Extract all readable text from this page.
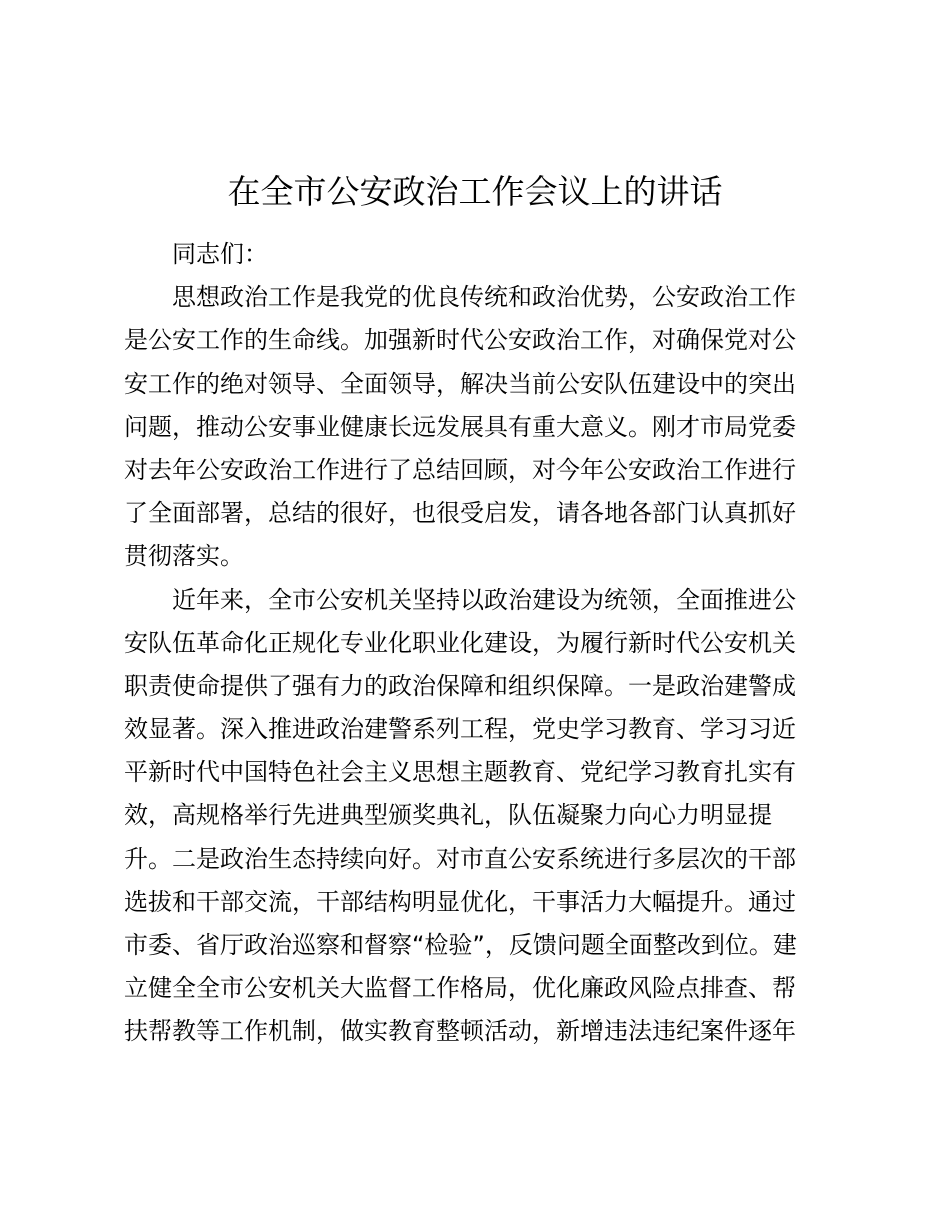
在全市公安政治工作会议上的讲话
同志们：
思想政治工作是我党的优良传统和政治优势，公安政治工作
是公安工作的生命线。加强新时代公安政治工作，对确保党对公
安工作的绝对领导、全面领导，解决当前公安队伍建设中的突出
问题，推动公安事业健康长远发展具有重大意义。刚才市局党委
对去年公安政治工作进行了总结回顾，对今年公安政治工作进行
了全面部署，总结的很好，也很受启发，请各地各部门认真抓好
贯彻落实。
近年来，全市公安机关坚持以政治建设为统领，全面推进公
安队伍革命化正规化专业化职业化建设，为履行新时代公安机关
职责使命提供了强有力的政治保障和组织保障。一是政治建警成
效显著。深入推进政治建警系列工程，党史学习教育、学习习近
平新时代中国特色社会主义思想主题教育、党纪学习教育扎实有
效，高规格举行先进典型颁奖典礼，队伍凝聚力向心力明显提
升。二是政治生态持续向好。对市直公安系统进行多层次的干部
选拔和干部交流，干部结构明显优化，干事活力大幅提升。通过
市委、省厅政治巡察和督察“检验”，反馈问题全面整改到位。建
立健全全市公安机关大监督工作格局，优化廉政风险点排查、帮
扶帮教等工作机制，做实教育整顿活动，新增违法违纪案件逐年
